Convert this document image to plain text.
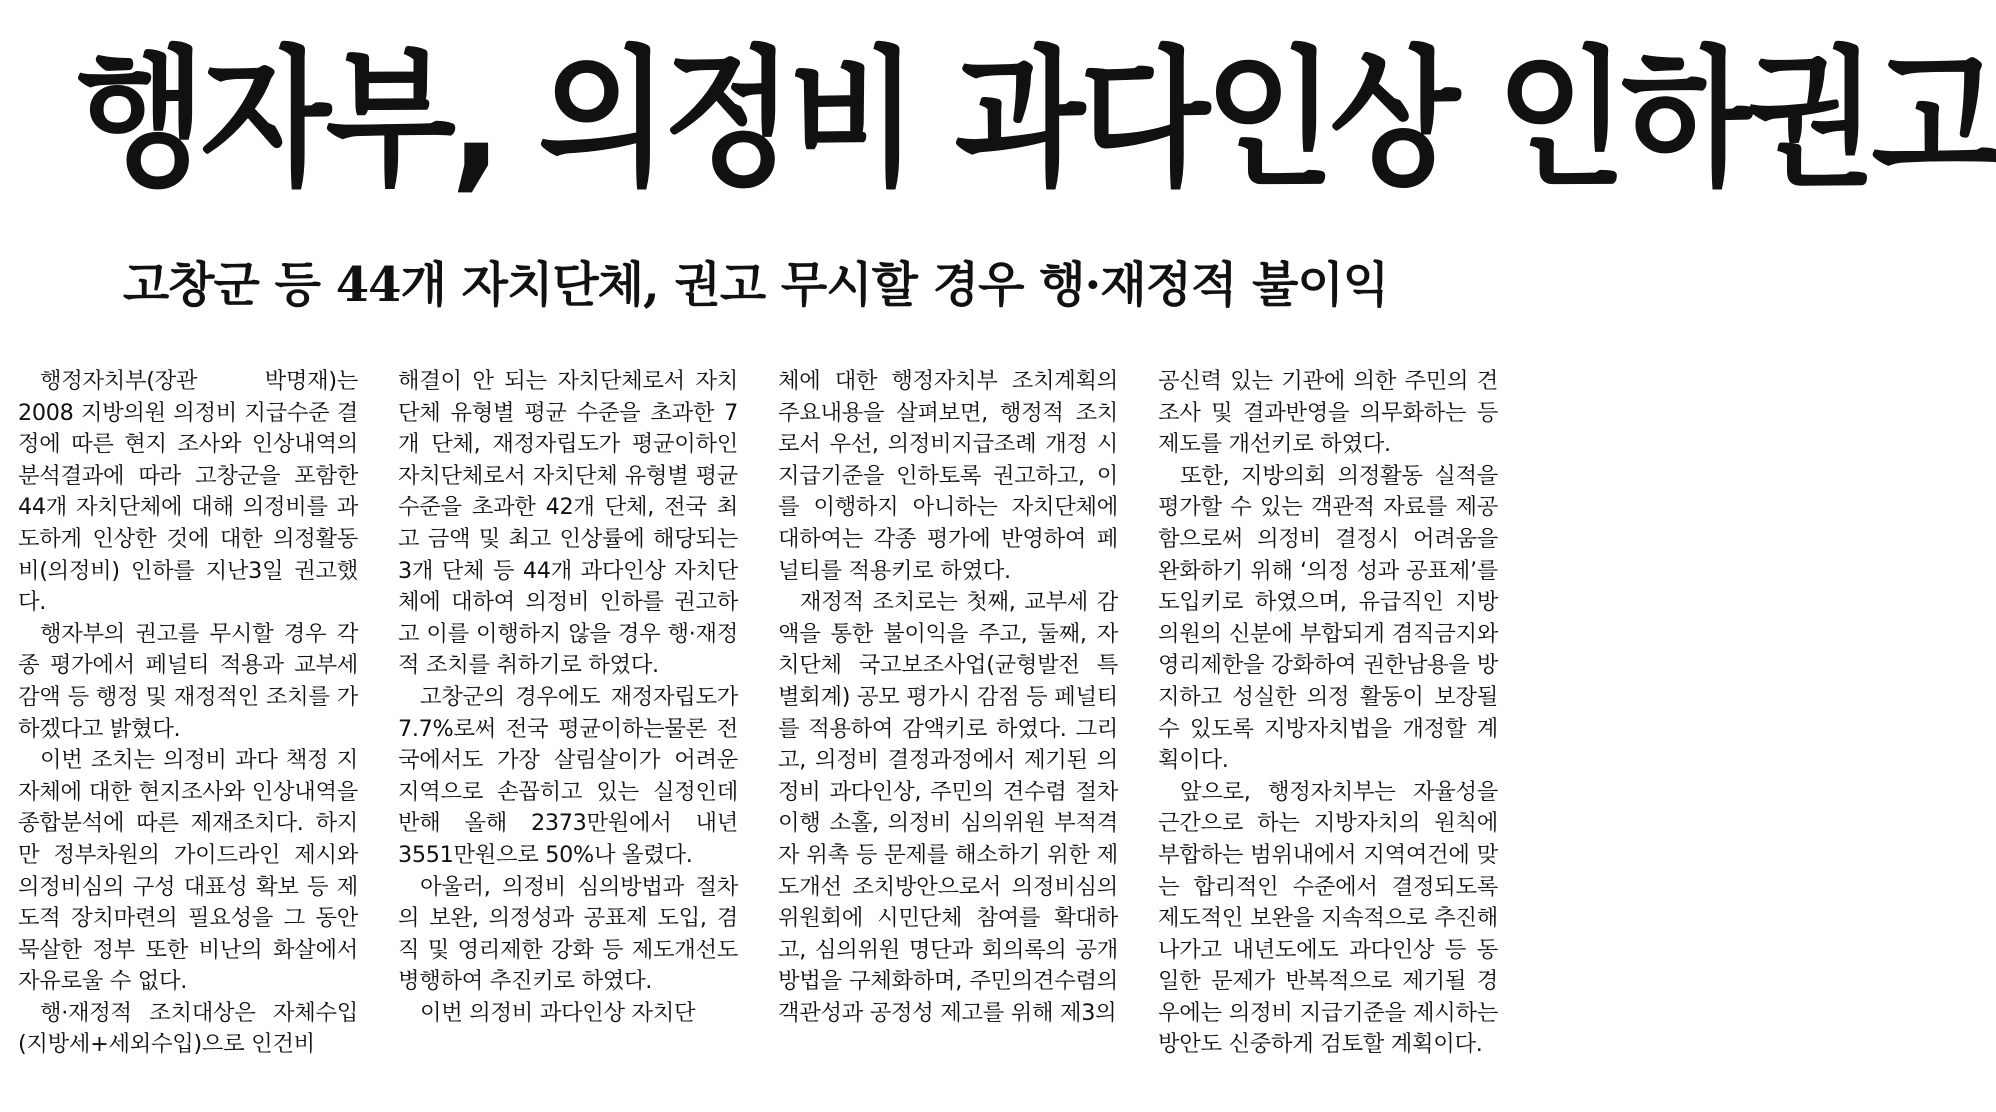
행자부, 의정비 과다인상 인하권고
고창군 등 44개 자치단체, 권고 무시할 경우 행·재정적 불이익

행정자치부(장관 박명재)는 2008 지방의원 의정비 지급수준 결정에 따른 현지 조사와 인상내역의 분석결과에 따라 고창군을 포함한 44개 자치단체에 대해 의정비를 과도하게 인상한 것에 대한 의정활동비(의정비) 인하를 지난3일 권고했다.

행자부의 권고를 무시할 경우 각종 평가에서 페널티 적용과 교부세 감액 등 행정 및 재정적인 조치를 가하겠다고 밝혔다.

이번 조치는 의정비 과다 책정 지자체에 대한 현지조사와 인상내역을 종합분석에 따른 제재조치다. 하지만 정부차원의 가이드라인 제시와 의정비심의 구성 대표성 확보 등 제도적 장치마련의 필요성을 그 동안 묵살한 정부 또한 비난의 화살에서 자유로울 수 없다.

행·재정적 조치대상은 자체수입(지방세+세외수입)으로 인건비

해결이 안 되는 자치단체로서 자치단체 유형별 평균 수준을 초과한 7개 단체, 재정자립도가 평균이하인 자치단체로서 자치단체 유형별 평균수준을 초과한 42개 단체, 전국 최고 금액 및 최고 인상률에 해당되는 3개 단체 등 44개 과다인상 자치단체에 대하여 의정비 인하를 권고하고 이를 이행하지 않을 경우 행·재정적 조치를 취하기로 하였다.

고창군의 경우에도 재정자립도가 7.7%로써 전국 평균이하는물론 전국에서도 가장 살림살이가 어려운 지역으로 손꼽히고 있는 실정인데 반해 올해 2373만원에서 내년 3551만원으로 50%나 올렸다.

아울러, 의정비 심의방법과 절차의 보완, 의정성과 공표제 도입, 겸직 및 영리제한 강화 등 제도개선도 병행하여 추진키로 하였다.

이번 의정비 과다인상 자치단

체에 대한 행정자치부 조치계획의 주요내용을 살펴보면, 행정적 조치로서 우선, 의정비지급조례 개정 시 지급기준을 인하토록 권고하고, 이를 이행하지 아니하는 자치단체에 대하여는 각종 평가에 반영하여 페널티를 적용키로 하였다.

재정적 조치로는 첫째, 교부세 감액을 통한 불이익을 주고, 둘째, 자치단체 국고보조사업(균형발전 특별회계) 공모 평가시 감점 등 페널티를 적용하여 감액키로 하였다. 그리고, 의정비 결정과정에서 제기된 의정비 과다인상, 주민의 견수렴 절차이행 소홀, 의정비 심의위원 부적격자 위촉 등 문제를 해소하기 위한 제도개선 조치방안으로서 의정비심의위원회에 시민단체 참여를 확대하고, 심의위원 명단과 회의록의 공개방법을 구체화하며, 주민의견수렴의 객관성과 공정성 제고를 위해 제3의

공신력 있는 기관에 의한 주민의 견조사 및 결과반영을 의무화하는 등 제도를 개선키로 하였다.

또한, 지방의회 의정활동 실적을 평가할 수 있는 객관적 자료를 제공함으로써 의정비 결정시 어려움을 완화하기 위해 ‘의정 성과 공표제’를 도입키로 하였으며, 유급직인 지방의원의 신분에 부합되게 겸직금지와 영리제한을 강화하여 권한남용을 방지하고 성실한 의정 활동이 보장될 수 있도록 지방자치법을 개정할 계획이다.

앞으로, 행정자치부는 자율성을 근간으로 하는 지방자치의 원칙에 부합하는 범위내에서 지역여건에 맞는 합리적인 수준에서 결정되도록 제도적인 보완을 지속적으로 추진해 나가고 내년도에도 과다인상 등 동일한 문제가 반복적으로 제기될 경우에는 의정비 지급기준을 제시하는 방안도 신중하게 검토할 계획이다.
